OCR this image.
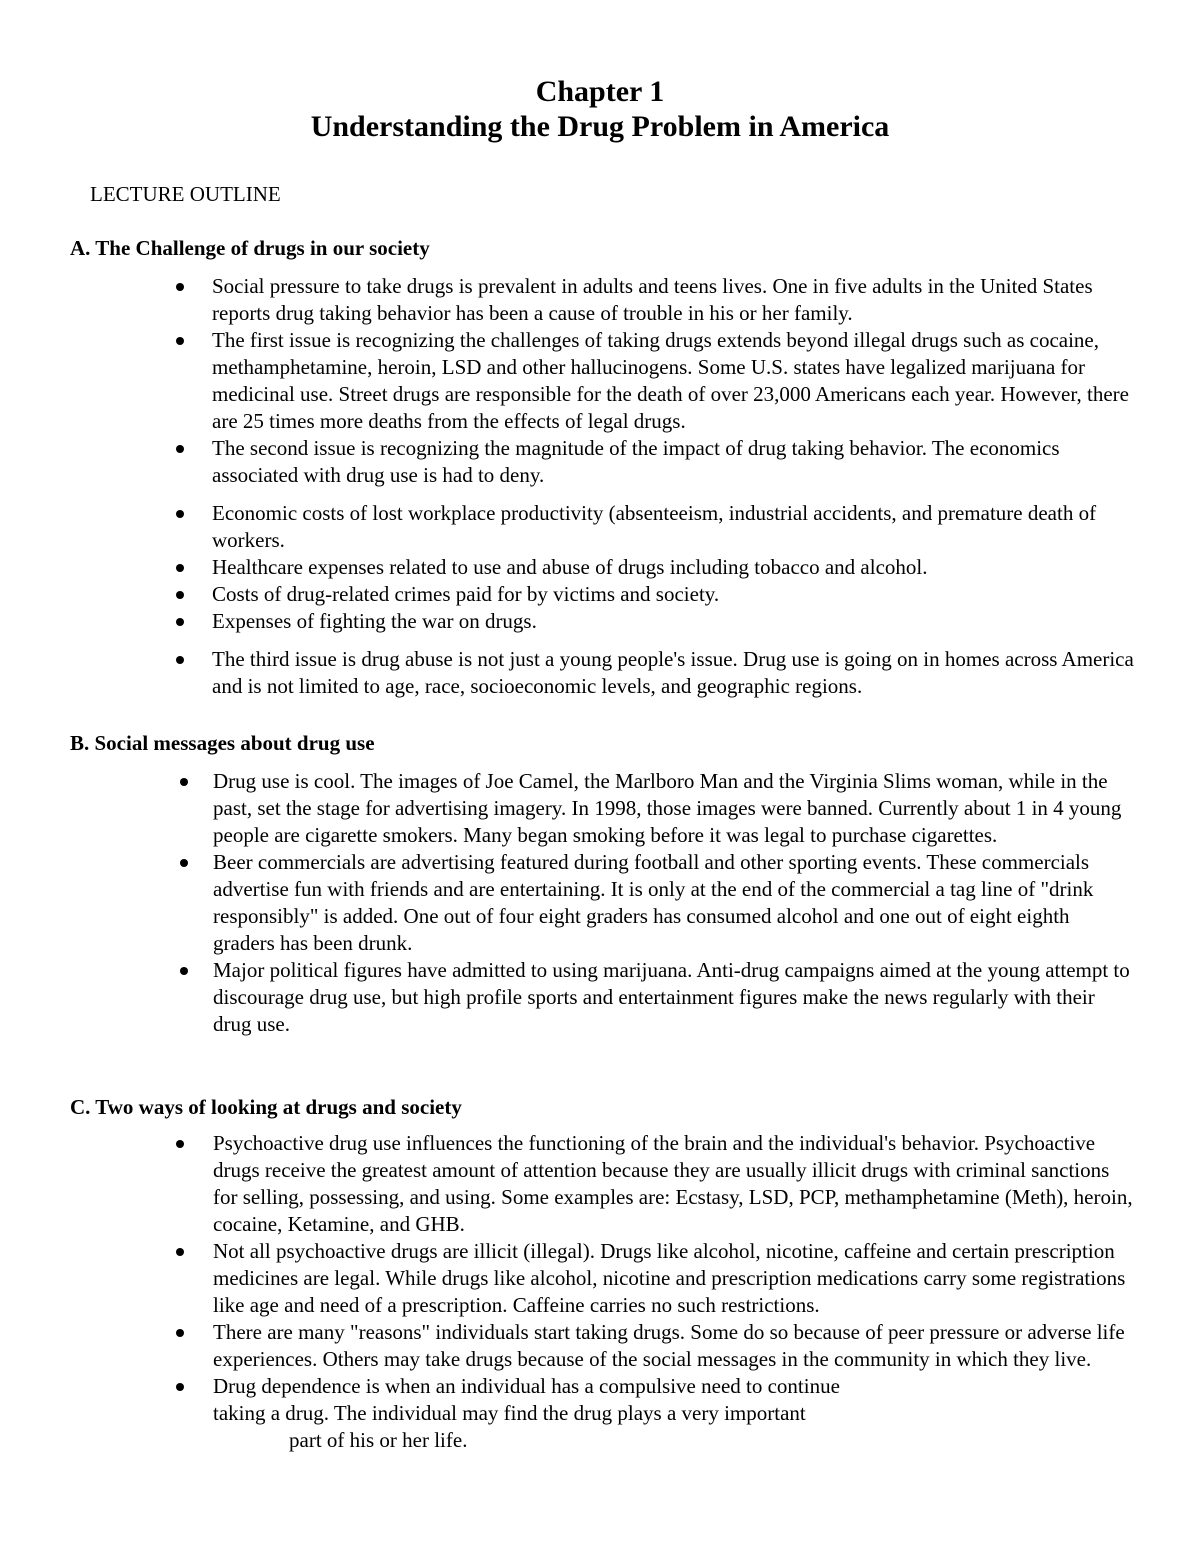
Chapter 1
Understanding the Drug Problem in America
LECTURE OUTLINE
A. The Challenge of drugs in our society
Social pressure to take drugs is prevalent in adults and teens lives. One in five adults in the United States reports drug taking behavior has been a cause of trouble in his or her family.
The first issue is recognizing the challenges of taking drugs extends beyond illegal drugs such as cocaine, methamphetamine, heroin, LSD and other hallucinogens. Some U.S. states have legalized marijuana for medicinal use. Street drugs are responsible for the death of over 23,000 Americans each year. However, there are 25 times more deaths from the effects of legal drugs.
The second issue is recognizing the magnitude of the impact of drug taking behavior. The economics associated with drug use is had to deny.
Economic costs of lost workplace productivity (absenteeism, industrial accidents, and premature death of workers.
Healthcare expenses related to use and abuse of drugs including tobacco and alcohol.
Costs of drug-related crimes paid for by victims and society.
Expenses of fighting the war on drugs.
The third issue is drug abuse is not just a young people's issue. Drug use is going on in homes across America and is not limited to age, race, socioeconomic levels, and geographic regions.
B. Social messages about drug use
Drug use is cool. The images of Joe Camel, the Marlboro Man and the Virginia Slims woman, while in the past, set the stage for advertising imagery. In 1998, those images were banned. Currently about 1 in 4 young people are cigarette smokers. Many began smoking before it was legal to purchase cigarettes.
Beer commercials are advertising featured during football and other sporting events. These commercials advertise fun with friends and are entertaining. It is only at the end of the commercial a tag line of "drink responsibly" is added. One out of four eight graders has consumed alcohol and one out of eight eighth graders has been drunk.
Major political figures have admitted to using marijuana. Anti-drug campaigns aimed at the young attempt to discourage drug use, but high profile sports and entertainment figures make the news regularly with their drug use.
C. Two ways of looking at drugs and society
Psychoactive drug use influences the functioning of the brain and the individual's behavior. Psychoactive drugs receive the greatest amount of attention because they are usually illicit drugs with criminal sanctions for selling, possessing, and using. Some examples are: Ecstasy, LSD, PCP, methamphetamine (Meth), heroin, cocaine, Ketamine, and GHB.
Not all psychoactive drugs are illicit (illegal). Drugs like alcohol, nicotine, caffeine and certain prescription medicines are legal. While drugs like alcohol, nicotine and prescription medications carry some registrations like age and need of a prescription. Caffeine carries no such restrictions.
There are many "reasons" individuals start taking drugs. Some do so because of peer pressure or adverse life experiences. Others may take drugs because of the social messages in the community in which they live.
Drug dependence is when an individual has a compulsive need to continue
taking a drug. The individual may find the drug plays a very important
part of his or her life.
